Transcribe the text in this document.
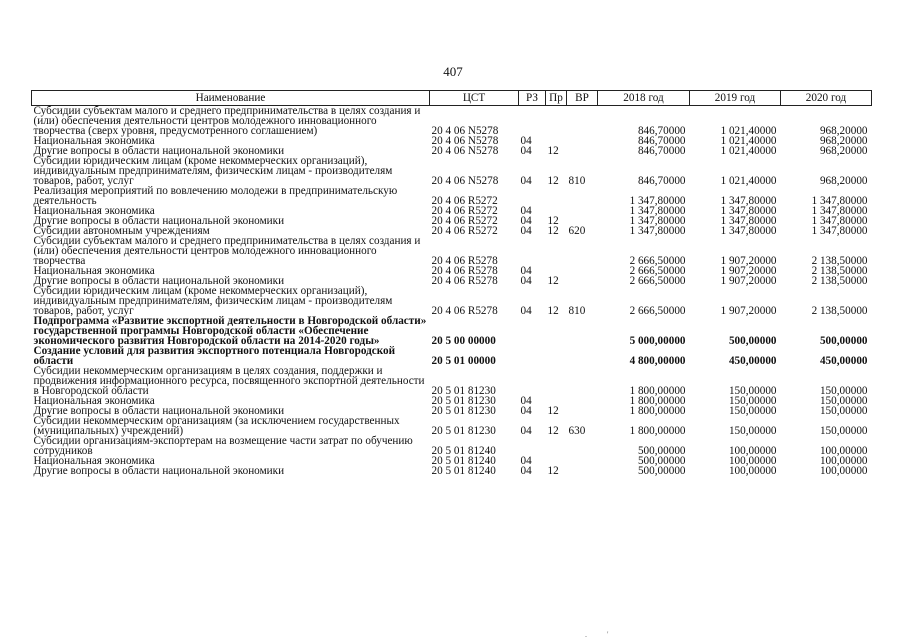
407
Наименование	ЦСТ	РЗ	Пр	ВР	2018 год	2019 год	2020 год
Субсидии субъектам малого и среднего предпринимательства в целях создания и (или) обеспечения деятельности центров молодежного инновационного творчества (сверх уровня, предусмотренного соглашением)	20 4 06 N5278				846,70000	1 021,40000	968,20000
Национальная экономика	20 4 06 N5278	04			846,70000	1 021,40000	968,20000
Другие вопросы в области национальной экономики	20 4 06 N5278	04	12		846,70000	1 021,40000	968,20000
Субсидии юридическим лицам (кроме некоммерческих организаций), индивидуальным предпринимателям, физическим лицам - производителям товаров, работ, услуг	20 4 06 N5278	04	12	810	846,70000	1 021,40000	968,20000
Реализация мероприятий по вовлечению молодежи в предпринимательскую деятельность	20 4 06 R5272				1 347,80000	1 347,80000	1 347,80000
Национальная экономика	20 4 06 R5272	04			1 347,80000	1 347,80000	1 347,80000
Другие вопросы в области национальной экономики	20 4 06 R5272	04	12		1 347,80000	1 347,80000	1 347,80000
Субсидии автономным учреждениям	20 4 06 R5272	04	12	620	1 347,80000	1 347,80000	1 347,80000
Субсидии субъектам малого и среднего предпринимательства в целях создания и (или) обеспечения деятельности центров молодежного инновационного творчества	20 4 06 R5278				2 666,50000	1 907,20000	2 138,50000
Национальная экономика	20 4 06 R5278	04			2 666,50000	1 907,20000	2 138,50000
Другие вопросы в области национальной экономики	20 4 06 R5278	04	12		2 666,50000	1 907,20000	2 138,50000
Субсидии юридическим лицам (кроме некоммерческих организаций), индивидуальным предпринимателям, физическим лицам - производителям товаров, работ, услуг	20 4 06 R5278	04	12	810	2 666,50000	1 907,20000	2 138,50000
Подпрограмма «Развитие экспортной деятельности в Новгородской области» государственной программы Новгородской области «Обеспечение экономического развития Новгородской области на 2014-2020 годы»	20 5 00 00000				5 000,00000	500,00000	500,00000
Создание условий для развития экспортного потенциала Новгородской области	20 5 01 00000				4 800,00000	450,00000	450,00000
Субсидии некоммерческим организациям в целях создания, поддержки и продвижения информационного ресурса, посвященного экспортной деятельности в Новгородской области	20 5 01 81230				1 800,00000	150,00000	150,00000
Национальная экономика	20 5 01 81230	04			1 800,00000	150,00000	150,00000
Другие вопросы в области национальной экономики	20 5 01 81230	04	12		1 800,00000	150,00000	150,00000
Субсидии некоммерческим организациям (за исключением государственных (муниципальных) учреждений)	20 5 01 81230	04	12	630	1 800,00000	150,00000	150,00000
Субсидии организациям-экспортерам на возмещение части затрат по обучению сотрудников	20 5 01 81240				500,00000	100,00000	100,00000
Национальная экономика	20 5 01 81240	04			500,00000	100,00000	100,00000
Другие вопросы в области национальной экономики	20 5 01 81240	04	12		500,00000	100,00000	100,00000
.          '
